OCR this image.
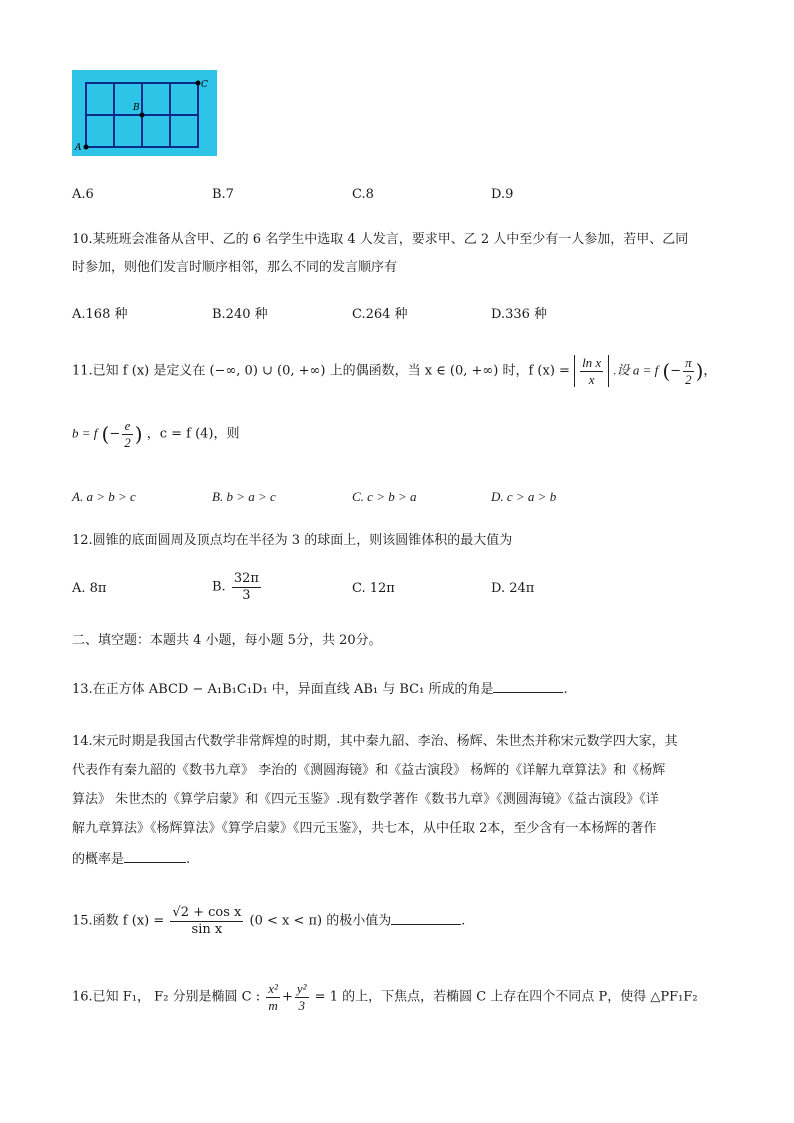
A
B
C
A.6	B.7	C.8	D.9
10.某班班会准备从含甲、乙的 6 名学生中选取 4 人发言，要求甲、乙 2 人中至少有一人参加，若甲、乙同
时参加，则他们发言时顺序相邻，那么不同的发言顺序有
A.168 种	B.240 种	C.264 种	D.336 种
11.已知 f (x) 是定义在 (−∞, 0) ∪ (0, +∞) 上的偶函数，当 x ∈ (0, +∞) 时，f $(x) = \frac{\text{ln x}}{x}$ .设 a = f (− $\frac{\pi}{2}$ )，
b = f (− $\frac{e}{2}$ ) ，c = f (4)，则
A. a > b > c	B. b > a > c	C. c > b > a	D. c > a > b
12.圆锥的底面圆周及顶点均在半径为 3 的球面上，则该圆锥体积的最大值为
A. 8π	B. $\frac{32\pi}{3}$	C. 12π	D. 24π
二、填空题：本题共 4 小题，每小题 5分，共 20分。
13.在正方体 ABCD − A₁B₁C₁D₁ 中，异面直线 AB₁ 与 BC₁ 所成的角是	.
14.宋元时期是我国古代数学非常辉煌的时期，其中秦九韶、李治、杨辉、朱世杰并称宋元数学四大家，其
代表作有秦九韶的《数书九章》 李治的《测圆海镜》和《益古演段》 杨辉的《详解九章算法》和《杨辉
算法》 朱世杰的《算学启蒙》和《四元玉鉴》.现有数学著作《数书九章》《测圆海镜》《益古演段》《详
解九章算法》《杨辉算法》《算学启蒙》《四元玉鉴》，共七本，从中任取 2本，至少含有一本杨辉的著作
的概率是	.
15.函数 f $(x) = \frac{\text{√2 + cos x}}{\text{sin x}} (0 < x < \pi)$ 的极小值为	.
16.已知 F₁， F₂ 分别是椭圆 C : $\frac{\text{x²}}{m} + \frac{\text{y²}}{3} = 1$ 的上，下焦点，若椭圆 C 上存在四个不同点 P，使得 △PF₁F₂
